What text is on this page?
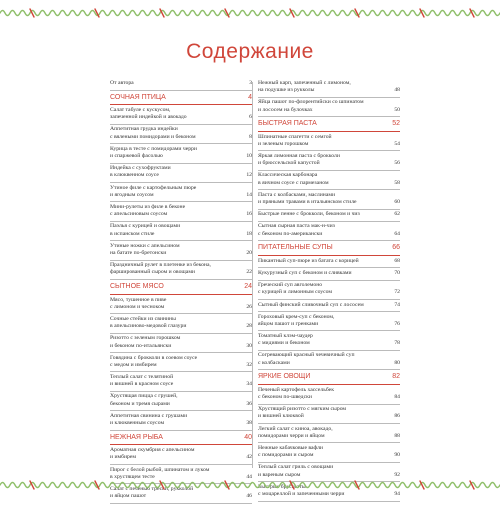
Содержание
От автора	3
СОЧНАЯ ПТИЦА	4
Салат табуле с кускусом,
запеченной индейкой и авокадо	6
Аппетитная грудка индейки
с вялеными помидорами и беконом	8
Курица в тесте с помидорами черри
и спаржевой фасолью	10
Индейка с сухофруктами
в клюквенном соусе	12
Утиное филе с картофельным пюре
и ягодным соусом	14
Мини-рулеты из филе в беконе
с апельсиновым соусом	16
Паэлья с курицей и овощами
в испанском стиле	18
Утиные ножки с апельсином
на батате по-бретонски	20
Праздничный рулет в плетенке из бекона,
фаршированный сыром и овощами	22
СЫТНОЕ МЯСО	24
Мясо, тушенное в пиве
с лимоном и чесноком	26
Сочные стейки из свинины
в апельсиново-медовой глазури	28
Ризотто с зеленым горошком
и беконом по-итальянски	30
Говядина с брокколи в соевом соусе
с медом и имбирем	32
Теплый салат с телятиной
и вишней в красном соусе	34
Хрустящая пицца с грушей,
беконом и тремя сырами	36
Аппетитная свинина с грушами
и клюквенным соусом	38
НЕЖНАЯ РЫБА	40
Ароматная скумбрия с апельсином
и имбирем	42
Пирог с белой рыбой, шпинатом и луком
в хрустящем тесте	44
Салат с печенью трески, рукколой
и яйцом пашот	46
Нежный карп, запеченный с лимоном,
на подушке из рукколы	48
Яйца пашот по-флорентийски со шпинатом
и лососем на булочках	50
БЫСТРАЯ ПАСТА	52
Шпинатные спагетти с семгой
и зеленым горошком	54
Яркая лимонная паста с брокколи
и брюссельской капустой	56
Классическая карбонара
в яичном соусе с пармезаном	58
Паста с колбасками, маслинами
и пряными травами в итальянском стиле	60
Быстрые пенне с брокколи, беконом и чиз	62
Сытная сырная паста мак-н-чиз
с беконом по-американски	64
ПИТАТЕЛЬНЫЕ СУПЫ	66
Пикантный суп-пюре из батата с корицей	68
Кукурузный суп с беконом и сливками	70
Греческий суп авголемоно
с курицей и лимонным соусом	72
Сытный финский сливочный суп с лососем	74
Гороховый крем-суп с беконом,
яйцом пашот и гренками	76
Томатный клэм-чаудер
с мидиями и беконом	78
Согревающий красный чечевичный суп
с колбасками	80
ЯРКИЕ ОВОЩИ	82
Печеный картофель хассельбек
с беконом по-шведски	84
Хрустящий ризотто с мягким сыром
и вишней клюквой	86
Легкий салат с киноа, авокадо,
помидорами черри и яйцом	88
Нежные кабачковые вафли
с помидорами и сыром	90
Теплый салат гриль с овощами
и вареным сыром	92
Быстрые брускетты
с моцареллой и запеченными черри	94
